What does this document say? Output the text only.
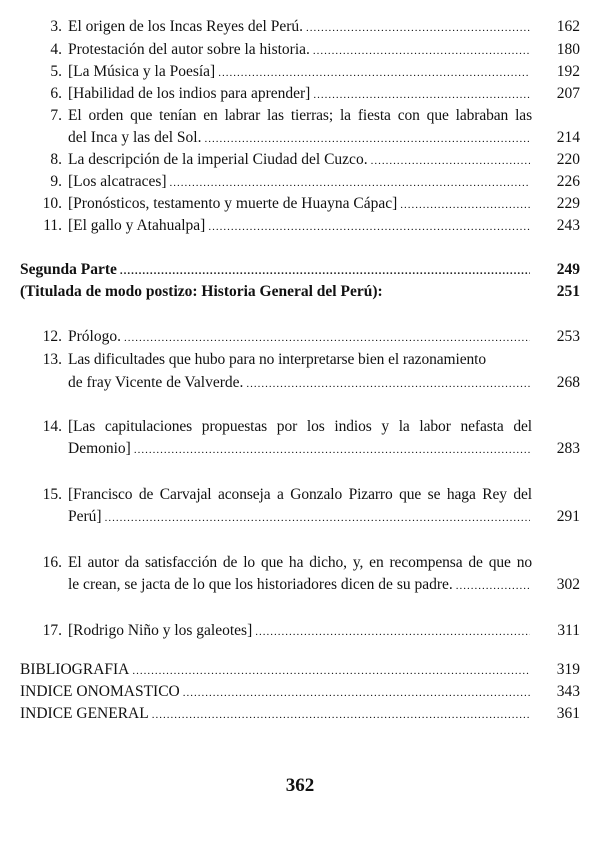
3. El origen de los Incas Reyes del Perú. .....	162
4. Protestación del autor sobre la historia. .....	180
5. [La Música y la Poesía] .....	192
6. [Habilidad de los indios para aprender] .....	207
7. El orden que tenían en labrar las tierras; la fiesta con que labraban las
del Inca y las del Sol. .....	214
8. La descripción de la imperial Ciudad del Cuzco. .....	220
9. [Los alcatraces] .....	226
10. [Pronósticos, testamento y muerte de Huayna Cápac] .....	229
11. [El gallo y Atahualpa] .....	243
Segunda Parte .....	249
(Titulada de modo postizo: Historia General del Perú):	251
12. Prólogo. .....	253
13. Las dificultades que hubo para no interpretarse bien el razonamiento
de fray Vicente de Valverde. .....	268
14. [Las capitulaciones propuestas por los indios y la labor nefasta del
Demonio] .....	283
15. [Francisco de Carvajal aconseja a Gonzalo Pizarro que se haga Rey del
Perú] .....	291
16. El autor da satisfacción de lo que ha dicho, y, en recompensa de que no
le crean, se jacta de lo que los historiadores dicen de su padre. .....	302
17. [Rodrigo Niño y los galeotes] .....	311
BIBLIOGRAFIA .....	319
INDICE ONOMASTICO .....	343
INDICE GENERAL .....	361
362
